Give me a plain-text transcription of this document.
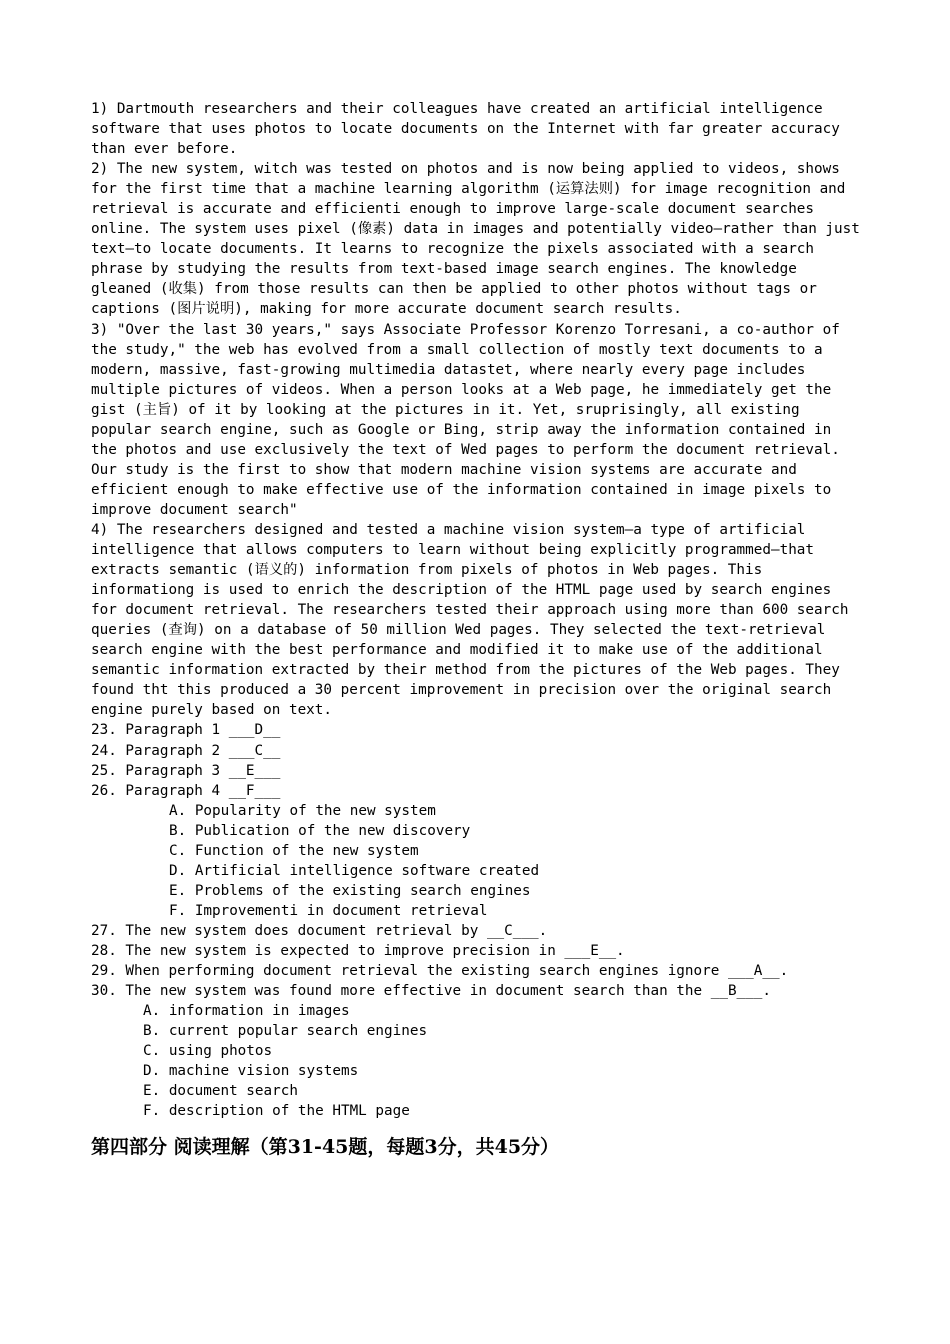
1) Dartmouth researchers and their colleagues have created an artificial intelligence software that uses photos to locate documents on the Internet with far greater accuracy than ever before.

2) The new system, witch was tested on photos and is now being applied to videos, shows for the first time that a machine learning algorithm (运算法则) for image recognition and retrieval is accurate and efficienti enough to improve large-scale document searches online. The system uses pixel (像素) data in images and potentially video—rather than just text—to locate documents. It learns to recognize the pixels associated with a search phrase by studying the results from text-based image search engines. The knowledge gleaned (收集) from those results can then be applied to other photos without tags or captions (图片说明), making for more accurate document search results.

3) "Over the last 30 years," says Associate Professor Korenzo Torresani, a co-author of the study," the web has evolved from a small collection of mostly text documents to a modern, massive, fast-growing multimedia datastet, where nearly every page includes multiple pictures of videos. When a person looks at a Web page, he immediately get the gist (主旨) of it by looking at the pictures in it. Yet, sruprisingly, all existing popular search engine, such as Google or Bing, strip away the information contained in the photos and use exclusively the text of Wed pages to perform the document retrieval. Our study is the first to show that modern machine vision systems are accurate and efficient enough to make effective use of the information contained in image pixels to improve document search"

4) The researchers designed and tested a machine vision system—a type of artificial intelligence that allows computers to learn without being explicitly programmed—that extracts semantic (语义的) information from pixels of photos in Web pages. This informationg is used to enrich the description of the HTML page used by search engines for document retrieval. The researchers tested their approach using more than 600 search queries (查询) on a database of 50 million Wed pages. They selected the text-retrieval search engine with the best performance and modified it to make use of the additional semantic information extracted by their method from the pictures of the Web pages. They found tht this produced a 30 percent improvement in precision over the original search engine purely based on text.

23. Paragraph 1 ___D__
24. Paragraph 2 ___C__
25. Paragraph 3 __E___
26. Paragraph 4 __F___
A. Popularity of the new system
B. Publication of the new discovery
C. Function of the new system
D. Artificial intelligence software created
E. Problems of the existing search engines
F. Improvementi in document retrieval
27. The new system does document retrieval by __C___.
28. The new system is expected to improve precision in ___E__.
29. When performing document retrieval the existing search engines ignore ___A__.
30. The new system was found more effective in document search than the __B___.
A. information in images
B. current popular search engines
C. using photos
D. machine vision systems
E. document search
F. description of the HTML page
第四部分 阅读理解（第31-45题，每题3分，共45分）
